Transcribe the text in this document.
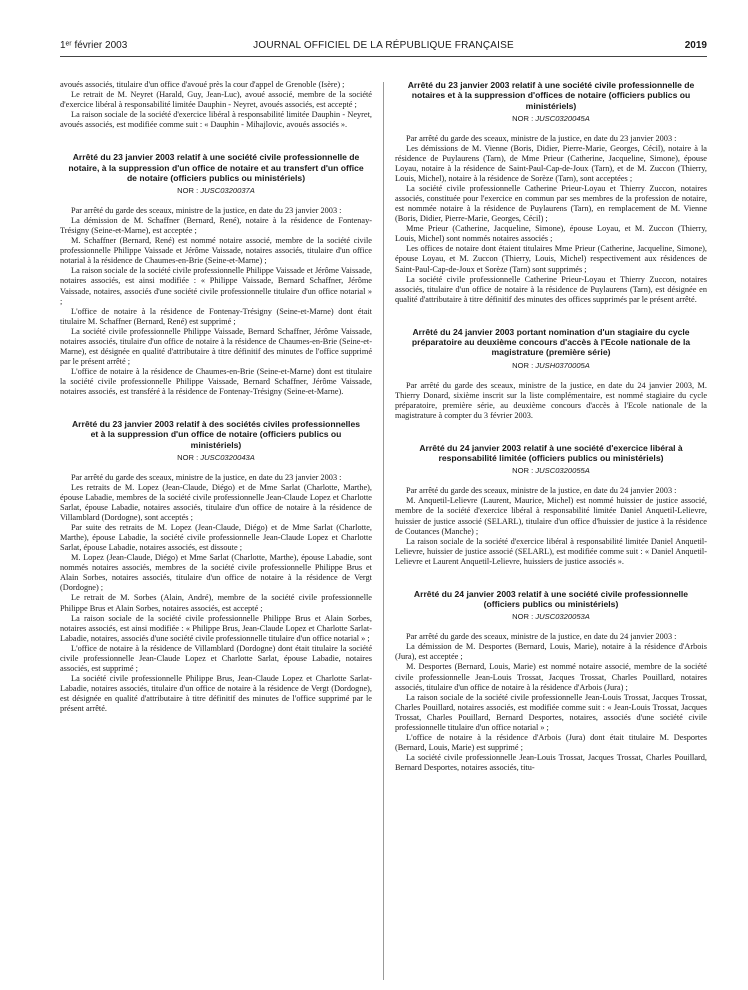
1ᵉʳ février 2003	JOURNAL OFFICIEL DE LA RÉPUBLIQUE FRANÇAISE	2019

avoués associés, titulaire d'un office d'avoué près la cour d'appel de Grenoble (Isère) ;

Le retrait de M. Neyret (Harald, Guy, Jean-Luc), avoué associé, membre de la société d'exercice libéral à responsabilité limitée Dauphin - Neyret, avoués associés, est accepté ;

La raison sociale de la société d'exercice libéral à responsabilité limitée Dauphin - Neyret, avoués associés, est modifiée comme suit : « Dauphin - Mihajlovic, avoués associés ».

Arrêté du 23 janvier 2003 relatif à une société civile professionnelle de notaire, à la suppression d'un office de notaire et au transfert d'un office de notaire (officiers publics ou ministériels)
NOR : JUSC0320037A

Par arrêté du garde des sceaux, ministre de la justice, en date du 23 janvier 2003 :

La démission de M. Schaffner (Bernard, René), notaire à la résidence de Fontenay-Trésigny (Seine-et-Marne), est acceptée ;

M. Schaffner (Bernard, René) est nommé notaire associé, membre de la société civile professionnelle Philippe Vaissade et Jérôme Vaissade, notaires associés, titulaire d'un office notarial à la résidence de Chaumes-en-Brie (Seine-et-Marne) ;

La raison sociale de la société civile professionnelle Philippe Vaissade et Jérôme Vaissade, notaires associés, est ainsi modifiée : « Philippe Vaissade, Bernard Schaffner, Jérôme Vaissade, notaires, associés d'une société civile professionnelle titulaire d'un office notarial » ;

L'office de notaire à la résidence de Fontenay-Trésigny (Seine-et-Marne) dont était titulaire M. Schaffner (Bernard, René) est supprimé ;

La société civile professionnelle Philippe Vaissade, Bernard Schaffner, Jérôme Vaissade, notaires associés, titulaire d'un office de notaire à la résidence de Chaumes-en-Brie (Seine-et-Marne), est désignée en qualité d'attributaire à titre définitif des minutes de l'office supprimé par le présent arrêté ;

L'office de notaire à la résidence de Chaumes-en-Brie (Seine-et-Marne) dont est titulaire la société civile professionnelle Philippe Vaissade, Bernard Schaffner, Jérôme Vaissade, notaires associés, est transféré à la résidence de Fontenay-Trésigny (Seine-et-Marne).

Arrêté du 23 janvier 2003 relatif à des sociétés civiles professionnelles et à la suppression d'un office de notaire (officiers publics ou ministériels)
NOR : JUSC0320043A

Par arrêté du garde des sceaux, ministre de la justice, en date du 23 janvier 2003 :

Les retraits de M. Lopez (Jean-Claude, Diégo) et de Mme Sarlat (Charlotte, Marthe), épouse Labadie, membres de la société civile professionnelle Jean-Claude Lopez et Charlotte Sarlat, épouse Labadie, notaires associés, titulaire d'un office de notaire à la résidence de Villamblard (Dordogne), sont acceptés ;

Par suite des retraits de M. Lopez (Jean-Claude, Diégo) et de Mme Sarlat (Charlotte, Marthe), épouse Labadie, la société civile professionnelle Jean-Claude Lopez et Charlotte Sarlat, épouse Labadie, notaires associés, est dissoute ;

M. Lopez (Jean-Claude, Diégo) et Mme Sarlat (Charlotte, Marthe), épouse Labadie, sont nommés notaires associés, membres de la société civile professionnelle Philippe Brus et Alain Sorbes, notaires associés, titulaire d'un office de notaire à la résidence de Vergt (Dordogne) ;

Le retrait de M. Sorbes (Alain, André), membre de la société civile professionnelle Philippe Brus et Alain Sorbes, notaires associés, est accepté ;

La raison sociale de la société civile professionnelle Philippe Brus et Alain Sorbes, notaires associés, est ainsi modifiée : « Philippe Brus, Jean-Claude Lopez et Charlotte Sarlat-Labadie, notaires, associés d'une société civile professionnelle titulaire d'un office notarial » ;

L'office de notaire à la résidence de Villamblard (Dordogne) dont était titulaire la société civile professionnelle Jean-Claude Lopez et Charlotte Sarlat, épouse Labadie, notaires associés, est supprimé ;

La société civile professionnelle Philippe Brus, Jean-Claude Lopez et Charlotte Sarlat-Labadie, notaires associés, titulaire d'un office de notaire à la résidence de Vergt (Dordogne), est désignée en qualité d'attributaire à titre définitif des minutes de l'office supprimé par le présent arrêté.

Arrêté du 23 janvier 2003 relatif à une société civile professionnelle de notaires et à la suppression d'offices de notaire (officiers publics ou ministériels)
NOR : JUSC0320045A

Par arrêté du garde des sceaux, ministre de la justice, en date du 23 janvier 2003 :

Les démissions de M. Vienne (Boris, Didier, Pierre-Marie, Georges, Cécil), notaire à la résidence de Puylaurens (Tarn), de Mme Prieur (Catherine, Jacqueline, Simone), épouse Loyau, notaire à la résidence de Saint-Paul-Cap-de-Joux (Tarn), et de M. Zuccon (Thierry, Louis, Michel), notaire à la résidence de Sorèze (Tarn), sont acceptées ;

La société civile professionnelle Catherine Prieur-Loyau et Thierry Zuccon, notaires associés, constituée pour l'exercice en commun par ses membres de la profession de notaire, est nommée notaire à la résidence de Puylaurens (Tarn), en remplacement de M. Vienne (Boris, Didier, Pierre-Marie, Georges, Cécil) ;

Mme Prieur (Catherine, Jacqueline, Simone), épouse Loyau, et M. Zuccon (Thierry, Louis, Michel) sont nommés notaires associés ;

Les offices de notaire dont étaient titulaires Mme Prieur (Catherine, Jacqueline, Simone), épouse Loyau, et M. Zuccon (Thierry, Louis, Michel) respectivement aux résidences de Saint-Paul-Cap-de-Joux et Sorèze (Tarn) sont supprimés ;

La société civile professionnelle Catherine Prieur-Loyau et Thierry Zuccon, notaires associés, titulaire d'un office de notaire à la résidence de Puylaurens (Tarn), est désignée en qualité d'attributaire à titre définitif des minutes des offices supprimés par le présent arrêté.

Arrêté du 24 janvier 2003 portant nomination d'un stagiaire du cycle préparatoire au deuxième concours d'accès à l'Ecole nationale de la magistrature (première série)
NOR : JUSH0370005A

Par arrêté du garde des sceaux, ministre de la justice, en date du 24 janvier 2003, M. Thierry Donard, sixième inscrit sur la liste complémentaire, est nommé stagiaire du cycle préparatoire, première série, au deuxième concours d'accès à l'Ecole nationale de la magistrature à compter du 3 février 2003.

Arrêté du 24 janvier 2003 relatif à une société d'exercice libéral à responsabilité limitée (officiers publics ou ministériels)
NOR : JUSC0320055A

Par arrêté du garde des sceaux, ministre de la justice, en date du 24 janvier 2003 :

M. Anquetil-Lelievre (Laurent, Maurice, Michel) est nommé huissier de justice associé, membre de la société d'exercice libéral à responsabilité limitée Daniel Anquetil-Lelievre, huissier de justice associé (SELARL), titulaire d'un office d'huissier de justice à la résidence de Coutances (Manche) ;

La raison sociale de la société d'exercice libéral à responsabilité limitée Daniel Anquetil-Lelievre, huissier de justice associé (SELARL), est modifiée comme suit : « Daniel Anquetil-Lelievre et Laurent Anquetil-Lelievre, huissiers de justice associés ».

Arrêté du 24 janvier 2003 relatif à une société civile professionnelle (officiers publics ou ministériels)
NOR : JUSC0320053A

Par arrêté du garde des sceaux, ministre de la justice, en date du 24 janvier 2003 :

La démission de M. Desportes (Bernard, Louis, Marie), notaire à la résidence d'Arbois (Jura), est acceptée ;

M. Desportes (Bernard, Louis, Marie) est nommé notaire associé, membre de la société civile professionnelle Jean-Louis Trossat, Jacques Trossat, Charles Pouillard, notaires associés, titulaire d'un office de notaire à la résidence d'Arbois (Jura) ;

La raison sociale de la société civile professionnelle Jean-Louis Trossat, Jacques Trossat, Charles Pouillard, notaires associés, est modifiée comme suit : « Jean-Louis Trossat, Jacques Trossat, Charles Pouillard, Bernard Desportes, notaires, associés d'une société civile professionnelle titulaire d'un office notarial » ;

L'office de notaire à la résidence d'Arbois (Jura) dont était titulaire M. Desportes (Bernard, Louis, Marie) est supprimé ;

La société civile professionnelle Jean-Louis Trossat, Jacques Trossat, Charles Pouillard, Bernard Desportes, notaires associés, titu-
